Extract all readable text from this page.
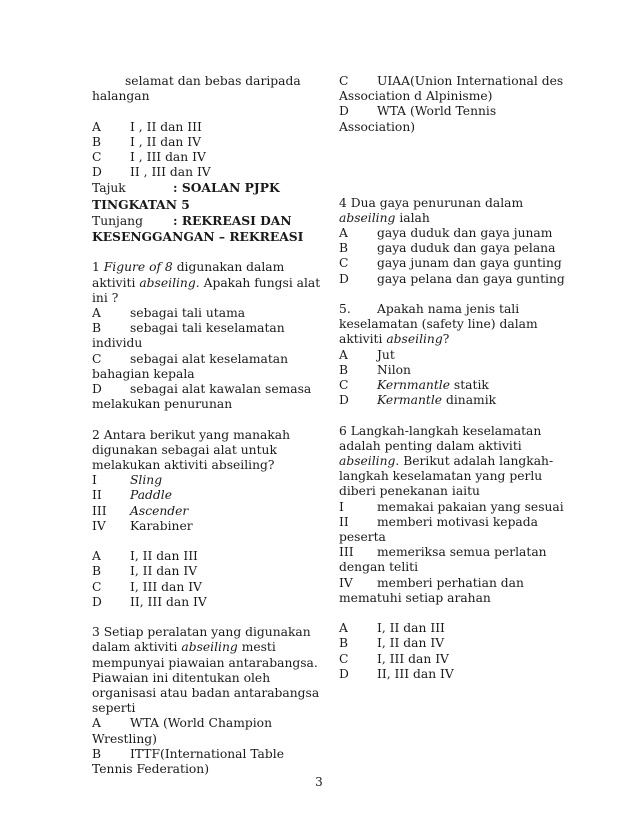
selamat dan bebas daripada
halangan
A I , II dan III
B I , II dan IV
C I , III dan IV
D II , III dan IV
Tajuk	: SOALAN PJPK
TINGKATAN 5
Tunjang : REKREASI DAN
KESENGGANGAN – REKREASI
1 Figure of 8 digunakan dalam
aktiviti abseiling. Apakah fungsi alat
ini ?
A sebagai tali utama
B sebagai tali keselamatan
individu
C sebagai alat keselamatan
bahagian kepala
D sebagai alat kawalan semasa
melakukan penurunan
2 Antara berikut yang manakah
digunakan sebagai alat untuk
melakukan aktiviti abseiling?
I	Sling
II Paddle
III Ascender
IV Karabiner
A I, II dan III
B I, II dan IV
C I, III dan IV
D II, III dan IV
3 Setiap peralatan yang digunakan
dalam aktiviti abseiling mesti
mempunyai piawaian antarabangsa.
Piawaian ini ditentukan oleh
organisasi atau badan antarabangsa
seperti
A WTA (World Champion
Wrestling)
B ITTF(International Table
Tennis Federation)
C UIAA(Union International des
Association d Alpinisme)
D WTA (World Tennis
Association)
4 Dua gaya penurunan dalam
abseiling ialah
A gaya duduk dan gaya junam
B gaya duduk dan gaya pelana
C gaya junam dan gaya gunting
D gaya pelana dan gaya gunting
5. Apakah nama jenis tali
keselamatan (safety line) dalam
aktiviti abseiling?
A Jut
B Nilon
C Kernmantle statik
D Kermantle dinamik
6 Langkah-langkah keselamatan
adalah penting dalam aktiviti
abseiling. Berikut adalah langkah-
langkah keselamatan yang perlu
diberi penekanan iaitu
I	memakai pakaian yang sesuai
II memberi motivasi kepada
peserta
III memeriksa semua perlatan
dengan teliti
IV memberi perhatian dan
mematuhi setiap arahan
A I, II dan III
B I, II dan IV
C I, III dan IV
D II, III dan IV
3
